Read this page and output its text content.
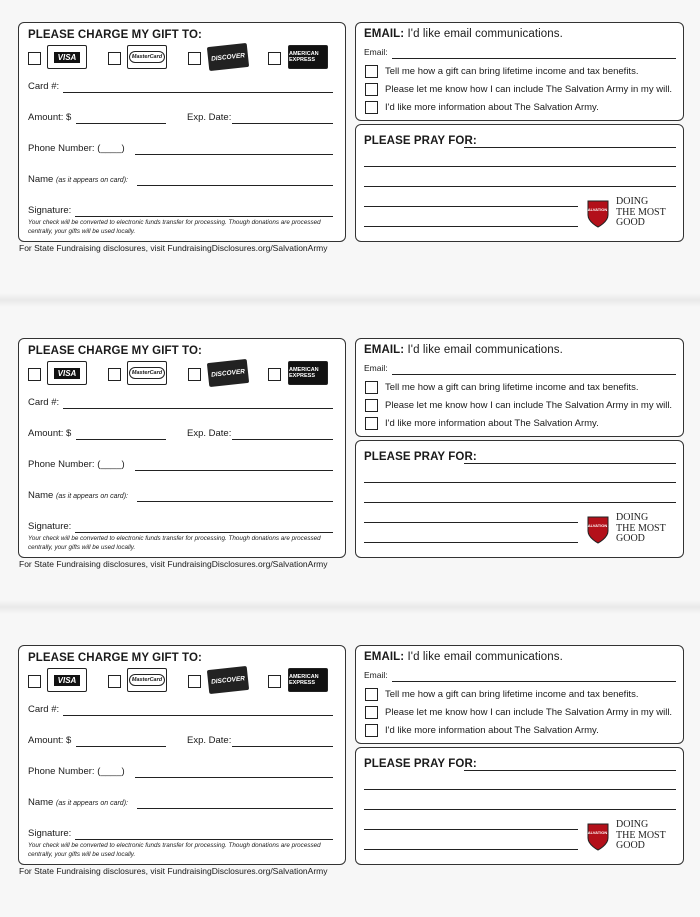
PLEASE CHARGE MY GIFT TO:
VISA	MasterCard	DISCOVER	AMERICAN EXPRESS
Card #:
Amount: $	Exp. Date:
Phone Number: (____)
Name (as it appears on card):
Signature:
Your check will be converted to electronic funds transfer for processing. Though donations are processed centrally, your gifts will be used locally.
For State Fundraising disclosures, visit FundraisingDisclosures.org/SalvationArmy
EMAIL: I'd like email communications.
Email:
Tell me how a gift can bring lifetime income and tax benefits.
Please let me know how I can include The Salvation Army in my will.
I'd like more information about The Salvation Army.
PLEASE PRAY FOR:
THE SALVATION ARMY
DOING
THE MOST
GOOD
PLEASE CHARGE MY GIFT TO:
VISA	MasterCard	DISCOVER	AMERICAN EXPRESS
Card #:
Amount: $	Exp. Date:
Phone Number: (____)
Name (as it appears on card):
Signature:
Your check will be converted to electronic funds transfer for processing. Though donations are processed centrally, your gifts will be used locally.
For State Fundraising disclosures, visit FundraisingDisclosures.org/SalvationArmy
EMAIL: I'd like email communications.
Email:
Tell me how a gift can bring lifetime income and tax benefits.
Please let me know how I can include The Salvation Army in my will.
I'd like more information about The Salvation Army.
PLEASE PRAY FOR:
THE SALVATION ARMY
DOING
THE MOST
GOOD
PLEASE CHARGE MY GIFT TO:
VISA	MasterCard	DISCOVER	AMERICAN EXPRESS
Card #:
Amount: $	Exp. Date:
Phone Number: (____)
Name (as it appears on card):
Signature:
Your check will be converted to electronic funds transfer for processing. Though donations are processed centrally, your gifts will be used locally.
For State Fundraising disclosures, visit FundraisingDisclosures.org/SalvationArmy
EMAIL: I'd like email communications.
Email:
Tell me how a gift can bring lifetime income and tax benefits.
Please let me know how I can include The Salvation Army in my will.
I'd like more information about The Salvation Army.
PLEASE PRAY FOR:
THE SALVATION ARMY
DOING
THE MOST
GOOD
